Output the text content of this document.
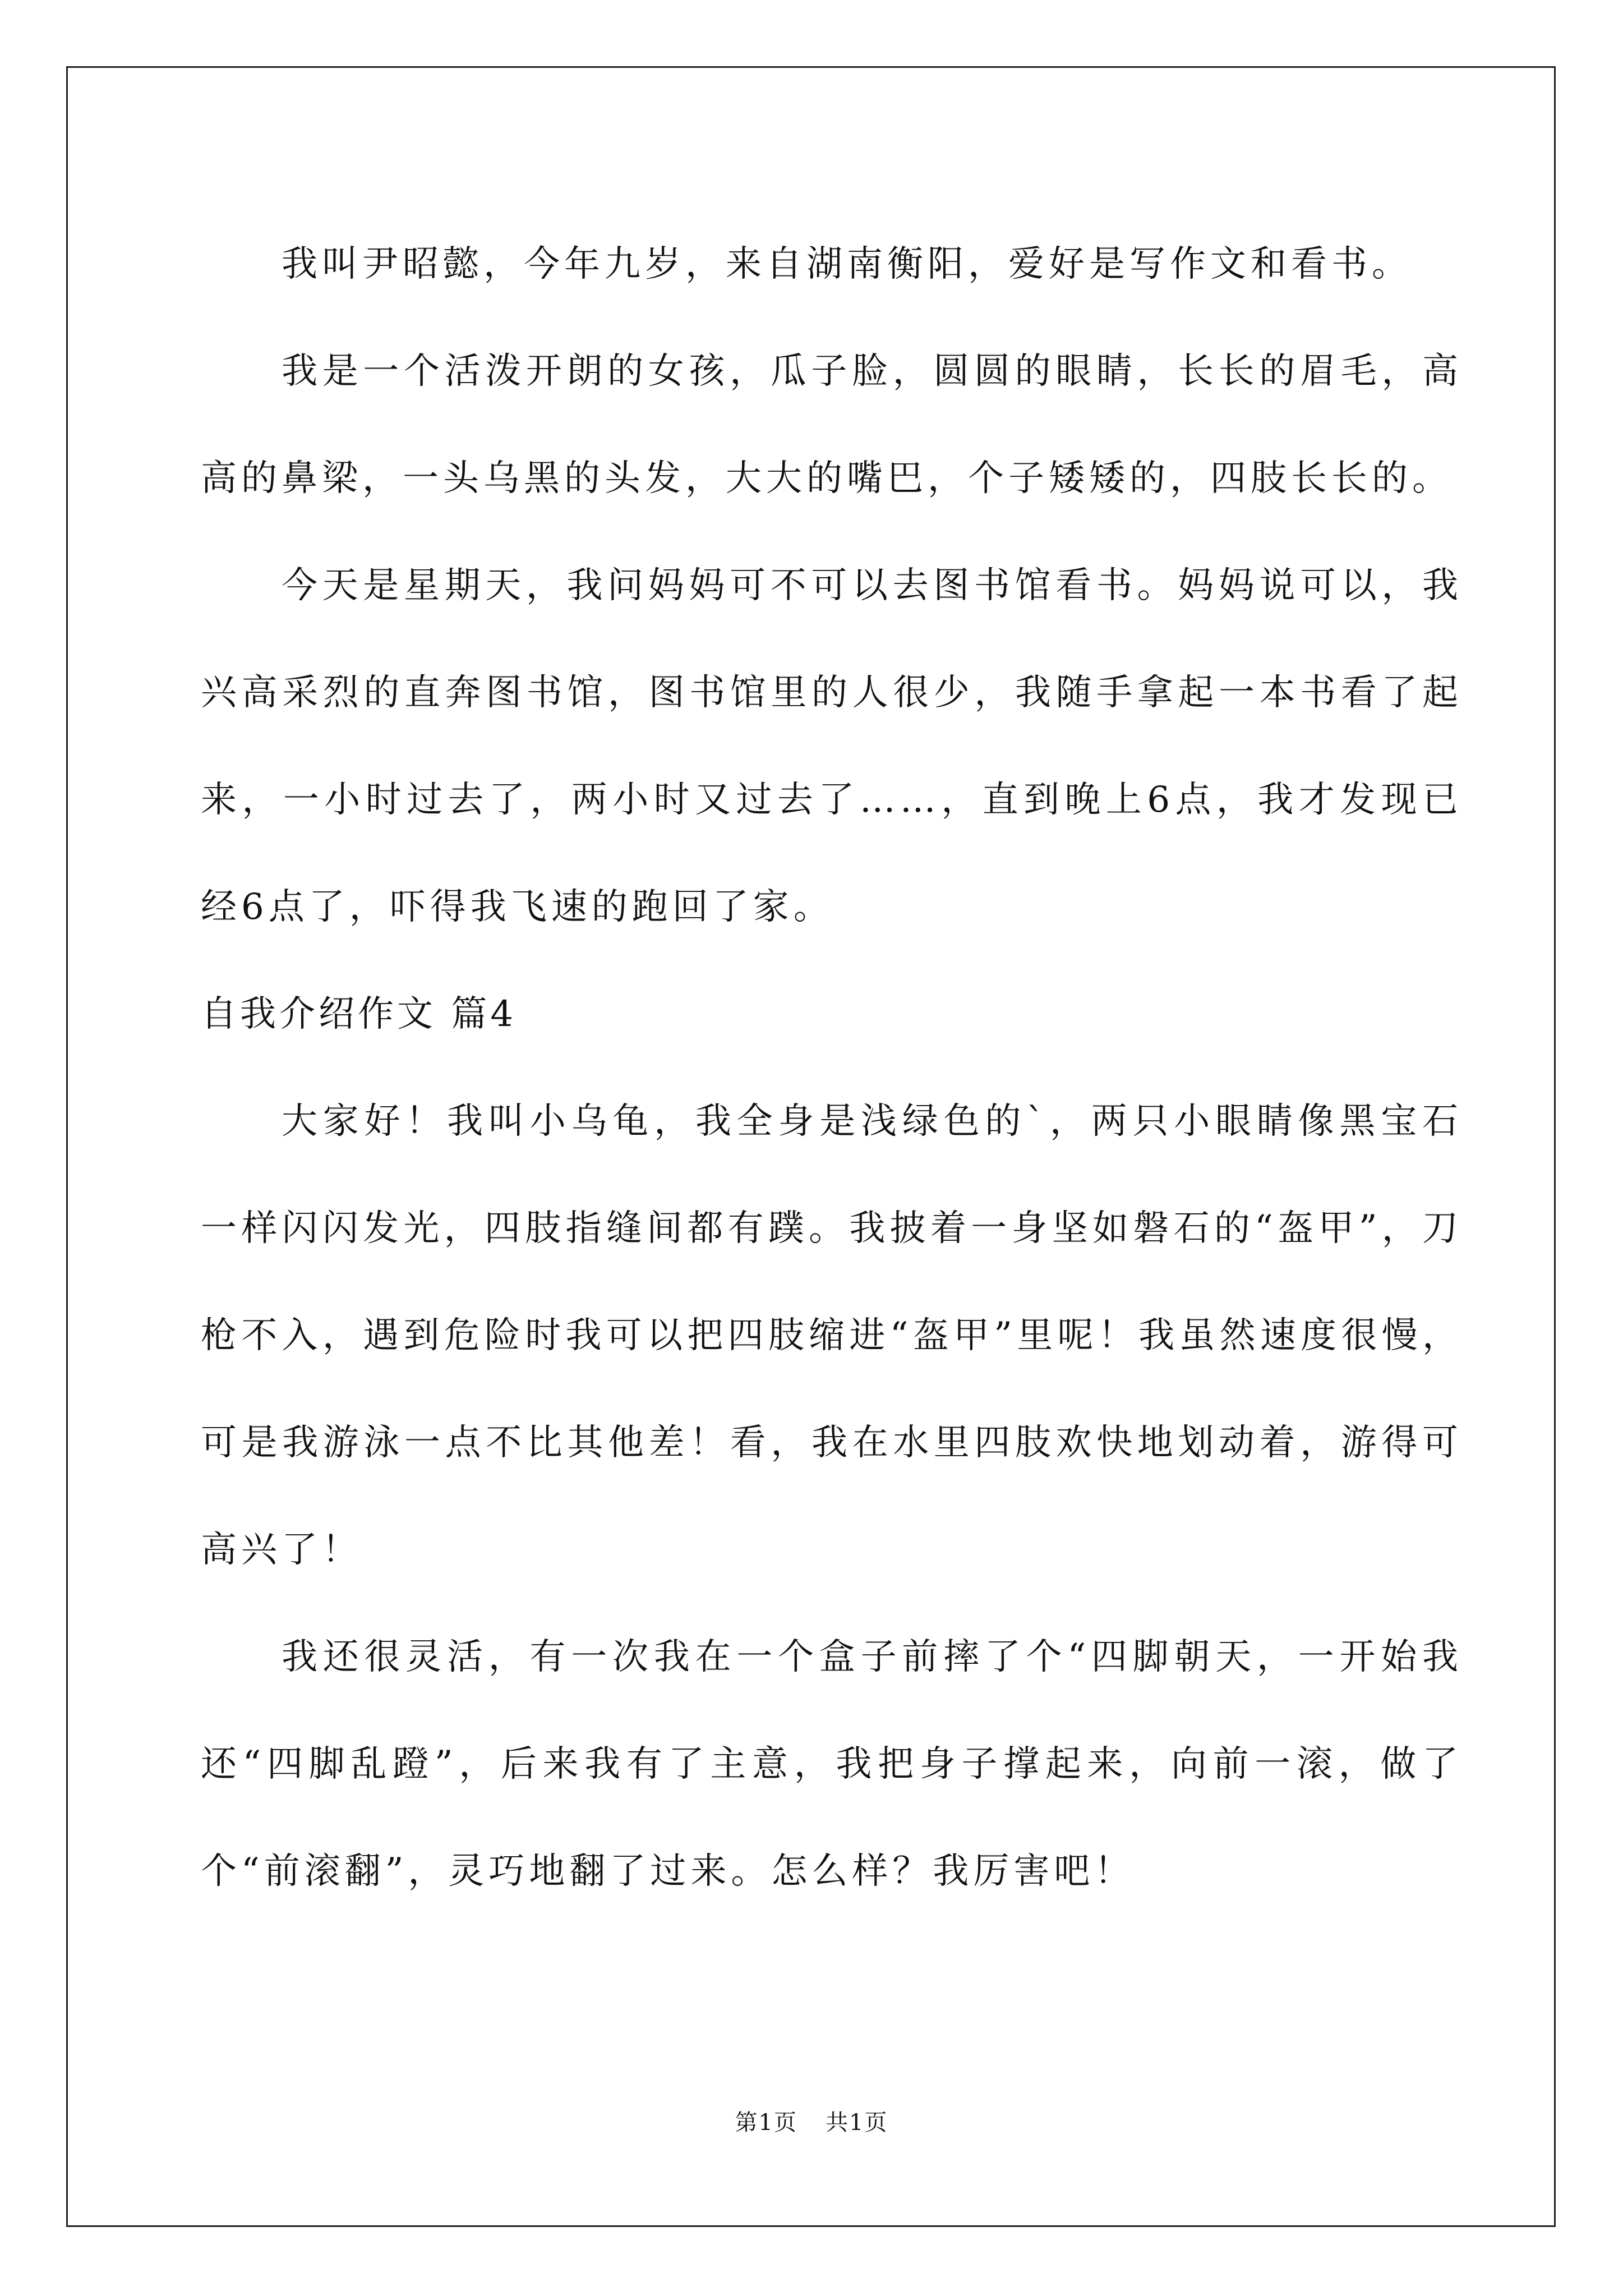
我叫尹昭懿，今年九岁，来自湖南衡阳，爱好是写作文和看书。

我是一个活泼开朗的女孩，瓜子脸，圆圆的眼睛，长长的眉毛，高高的鼻梁，一头乌黑的头发，大大的嘴巴，个子矮矮的，四肢长长的。

今天是星期天，我问妈妈可不可以去图书馆看书。妈妈说可以，我兴高采烈的直奔图书馆，图书馆里的人很少，我随手拿起一本书看了起来，一小时过去了，两小时又过去了……，直到晚上6点，我才发现已经6点了，吓得我飞速的跑回了家。

自我介绍作文 篇4

大家好！我叫小乌龟，我全身是浅绿色的`，两只小眼睛像黑宝石一样闪闪发光，四肢指缝间都有蹼。我披着一身坚如磐石的“盔甲”，刀枪不入，遇到危险时我可以把四肢缩进“盔甲”里呢！我虽然速度很慢，可是我游泳一点不比其他差！看，我在水里四肢欢快地划动着，游得可高兴了！

我还很灵活，有一次我在一个盒子前摔了个“四脚朝天，一开始我还“四脚乱蹬”，后来我有了主意，我把身子撑起来，向前一滚，做了个“前滚翻”，灵巧地翻了过来。怎么样？我厉害吧！

第1页 共1页
